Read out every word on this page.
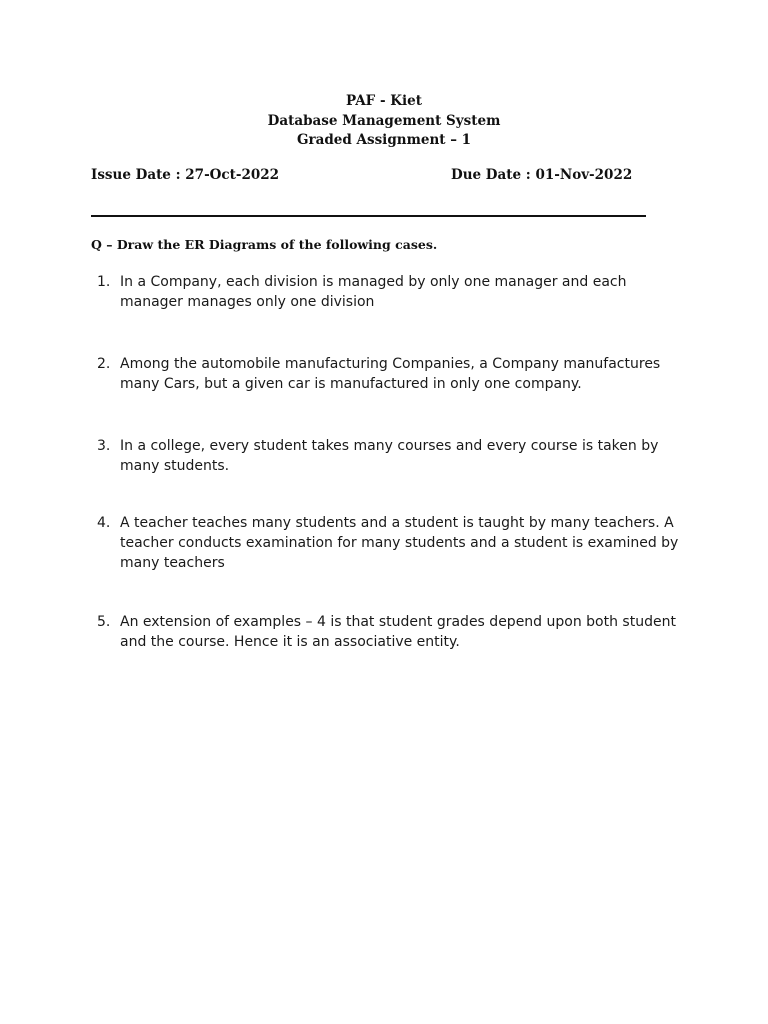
PAF - Kiet
Database Management System
Graded Assignment – 1
Issue Date : 27-Oct-2022	Due Date : 01-Nov-2022
Q – Draw the ER Diagrams of the following cases.
1. In a Company, each division is managed by only one manager and each
manager manages only one division
2. Among the automobile manufacturing Companies, a Company manufactures
many Cars, but a given car is manufactured in only one company.
3. In a college, every student takes many courses and every course is taken by
many students.
4. A teacher teaches many students and a student is taught by many teachers. A
teacher conducts examination for many students and a student is examined by
many teachers
5. An extension of examples – 4 is that student grades depend upon both student
and the course. Hence it is an associative entity.
